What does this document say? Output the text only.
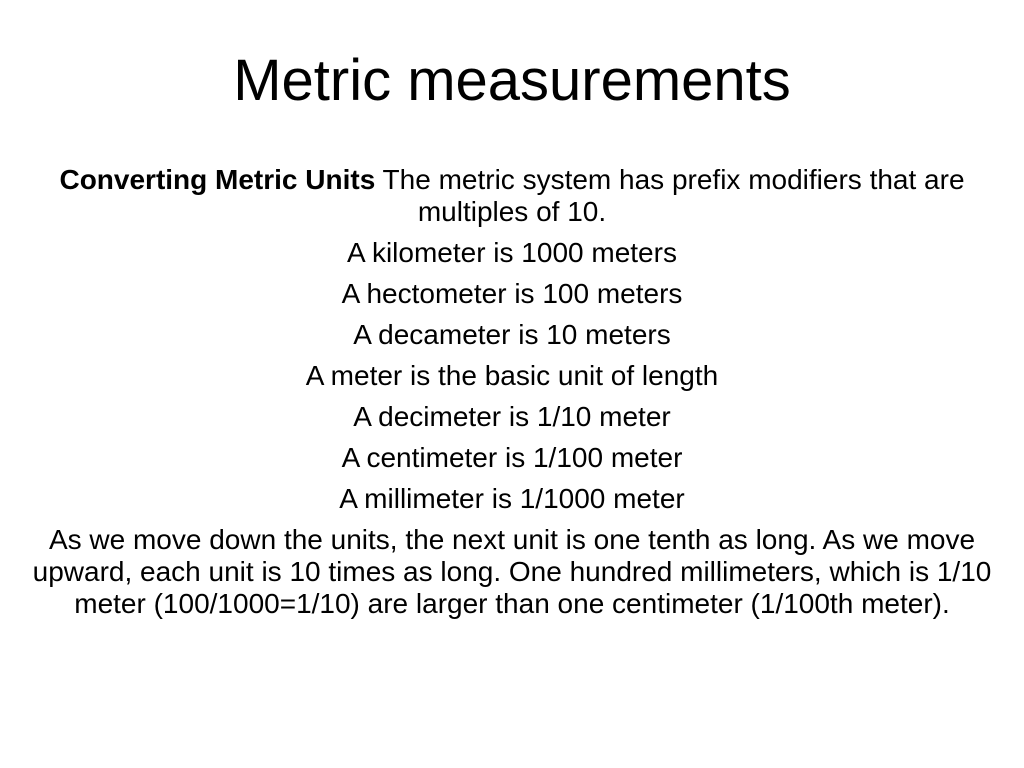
Metric measurements

Converting Metric Units The metric system has prefix modifiers that are multiples of 10.

A kilometer is 1000 meters

A hectometer is 100 meters

A decameter is 10 meters

A meter is the basic unit of length

A decimeter is 1/10 meter

A centimeter is 1/100 meter

A millimeter is 1/1000 meter

As we move down the units, the next unit is one tenth as long. As we move upward, each unit is 10 times as long. One hundred millimeters, which is 1/10 meter (100/1000=1/10) are larger than one centimeter (1/100th meter).
